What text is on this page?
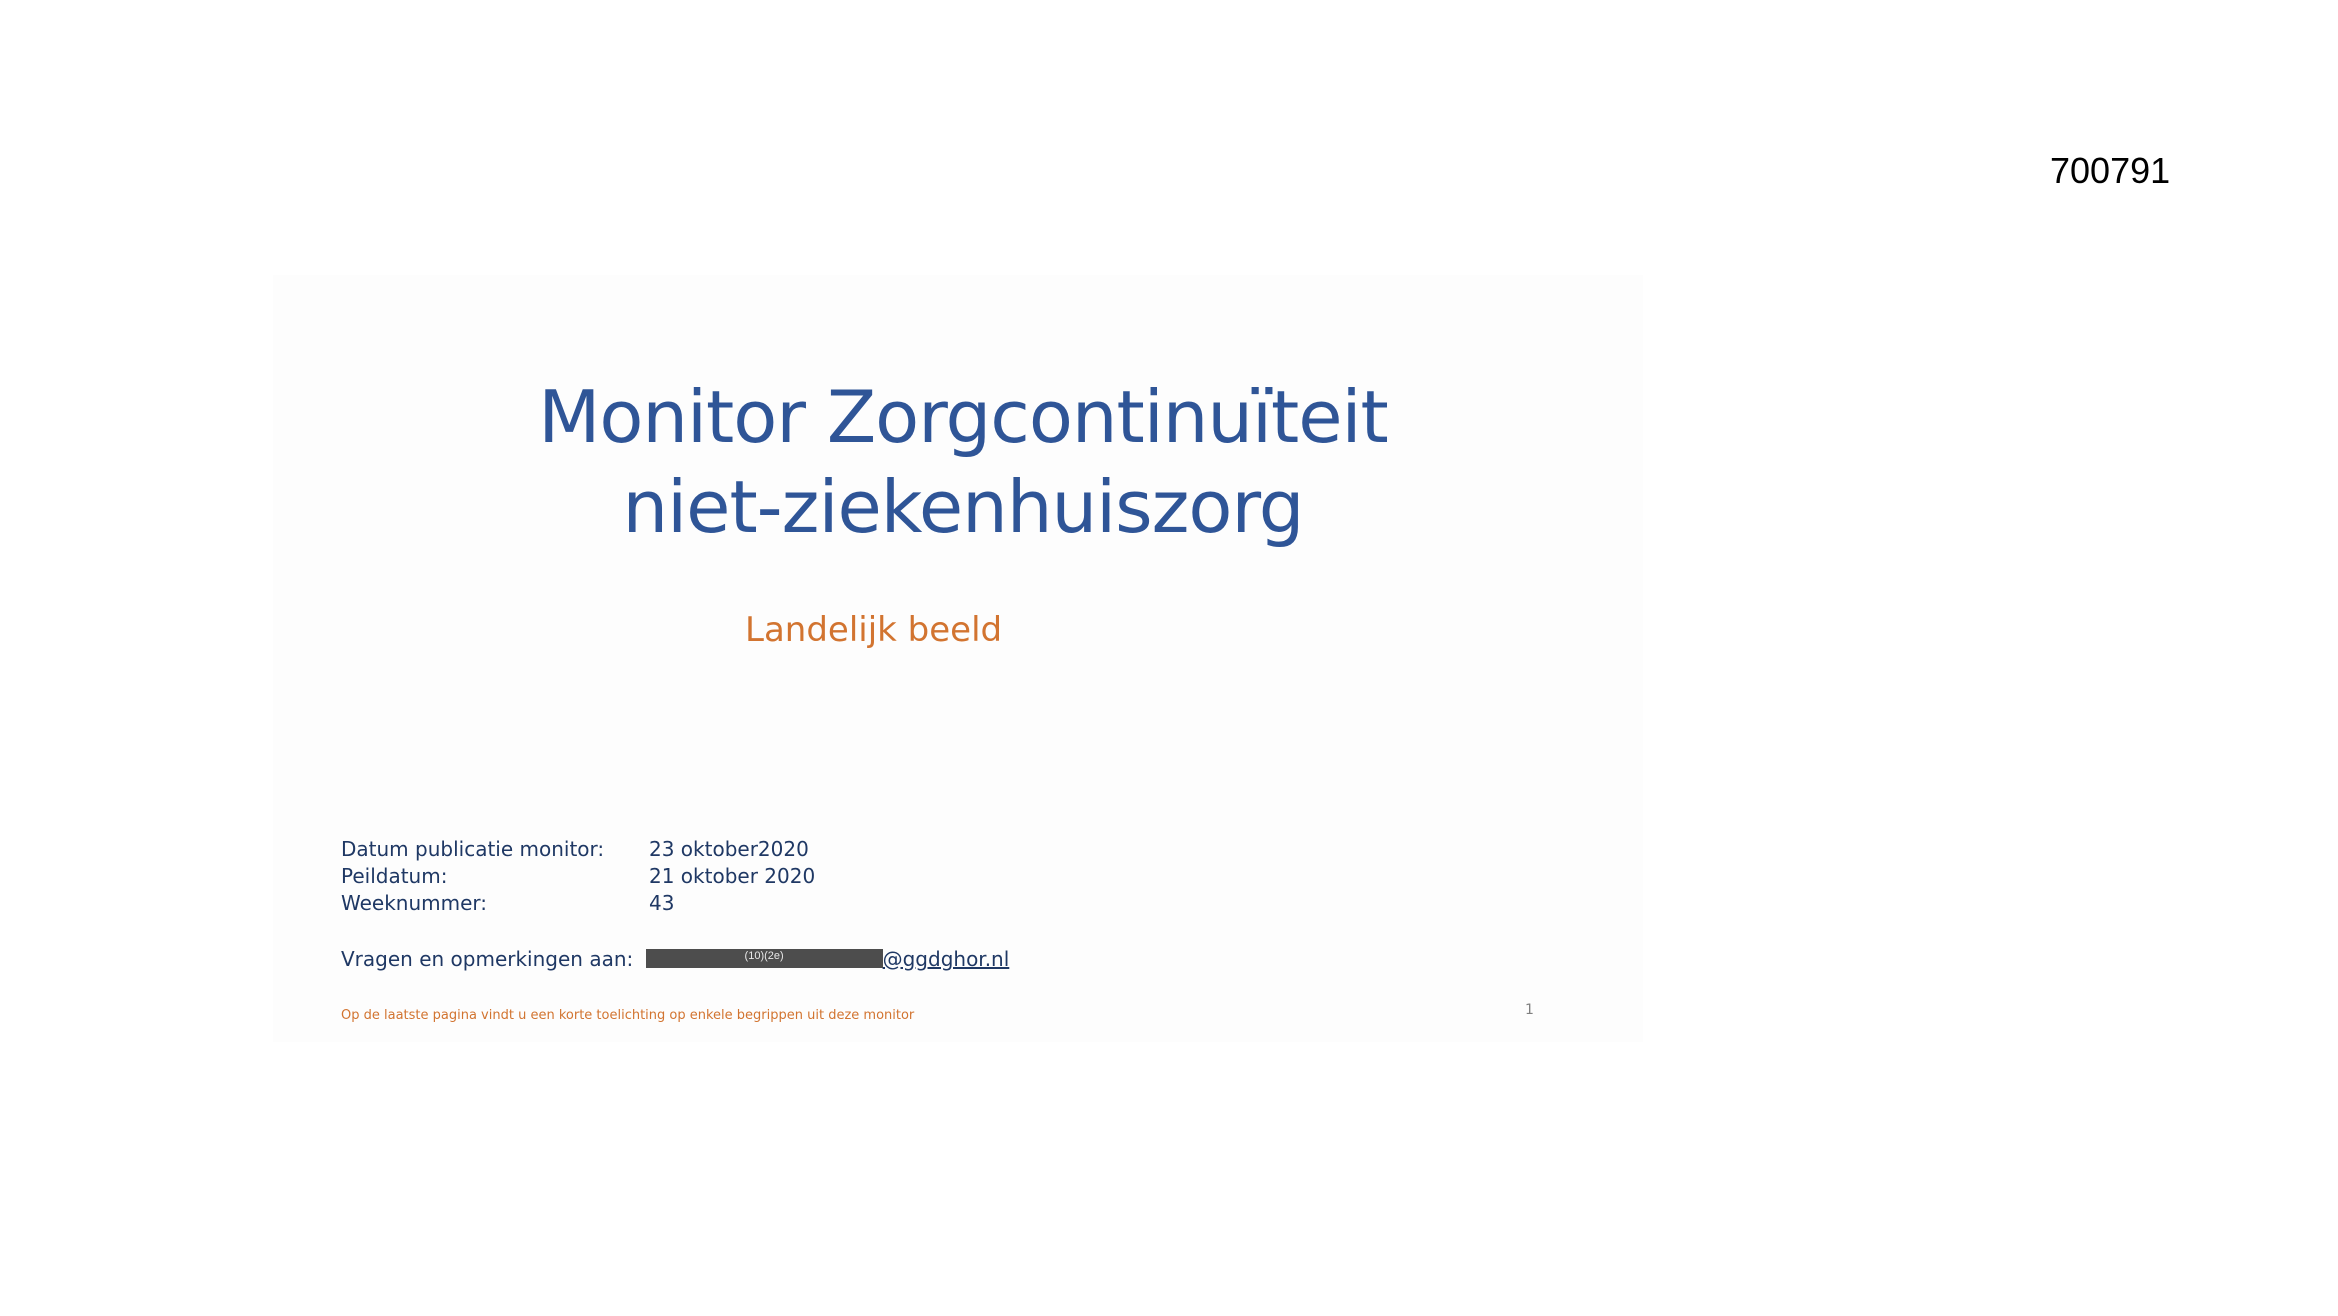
700791
Monitor Zorgcontinuïteit
niet-ziekenhuiszorg
Landelijk beeld
Datum publicatie monitor: 23 oktober2020
Peildatum:	21 oktober 2020
Weeknummer:	43
Vragen en opmerkingen aan:	(10)(2e)	@ggdghor.nl
Op de laatste pagina vindt u een korte toelichting op enkele begrippen uit deze monitor	1
